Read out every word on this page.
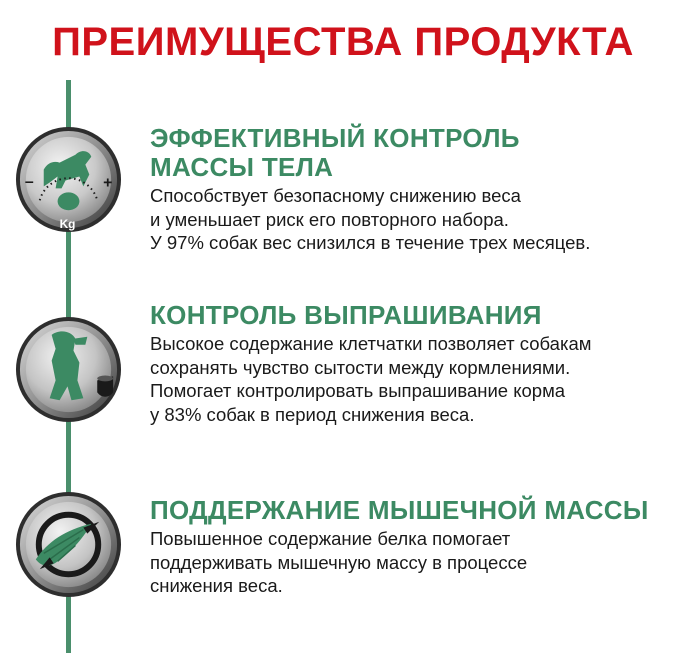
ПРЕИМУЩЕСТВА ПРОДУКТА
–	+
Kg
ЭФФЕКТИВНЫЙ КОНТРОЛЬ
МАССЫ ТЕЛА
Способствует безопасному снижению веса
и уменьшает риск его повторного набора.
У 97% собак вес снизился в течение трех месяцев.
КОНТРОЛЬ ВЫПРАШИВАНИЯ
Высокое содержание клетчатки позволяет собакам
сохранять чувство сытости между кормлениями.
Помогает контролировать выпрашивание корма
у 83% собак в период снижения веса.
ПОДДЕРЖАНИЕ МЫШЕЧНОЙ МАССЫ
Повышенное содержание белка помогает
поддерживать мышечную массу в процессе
снижения веса.
